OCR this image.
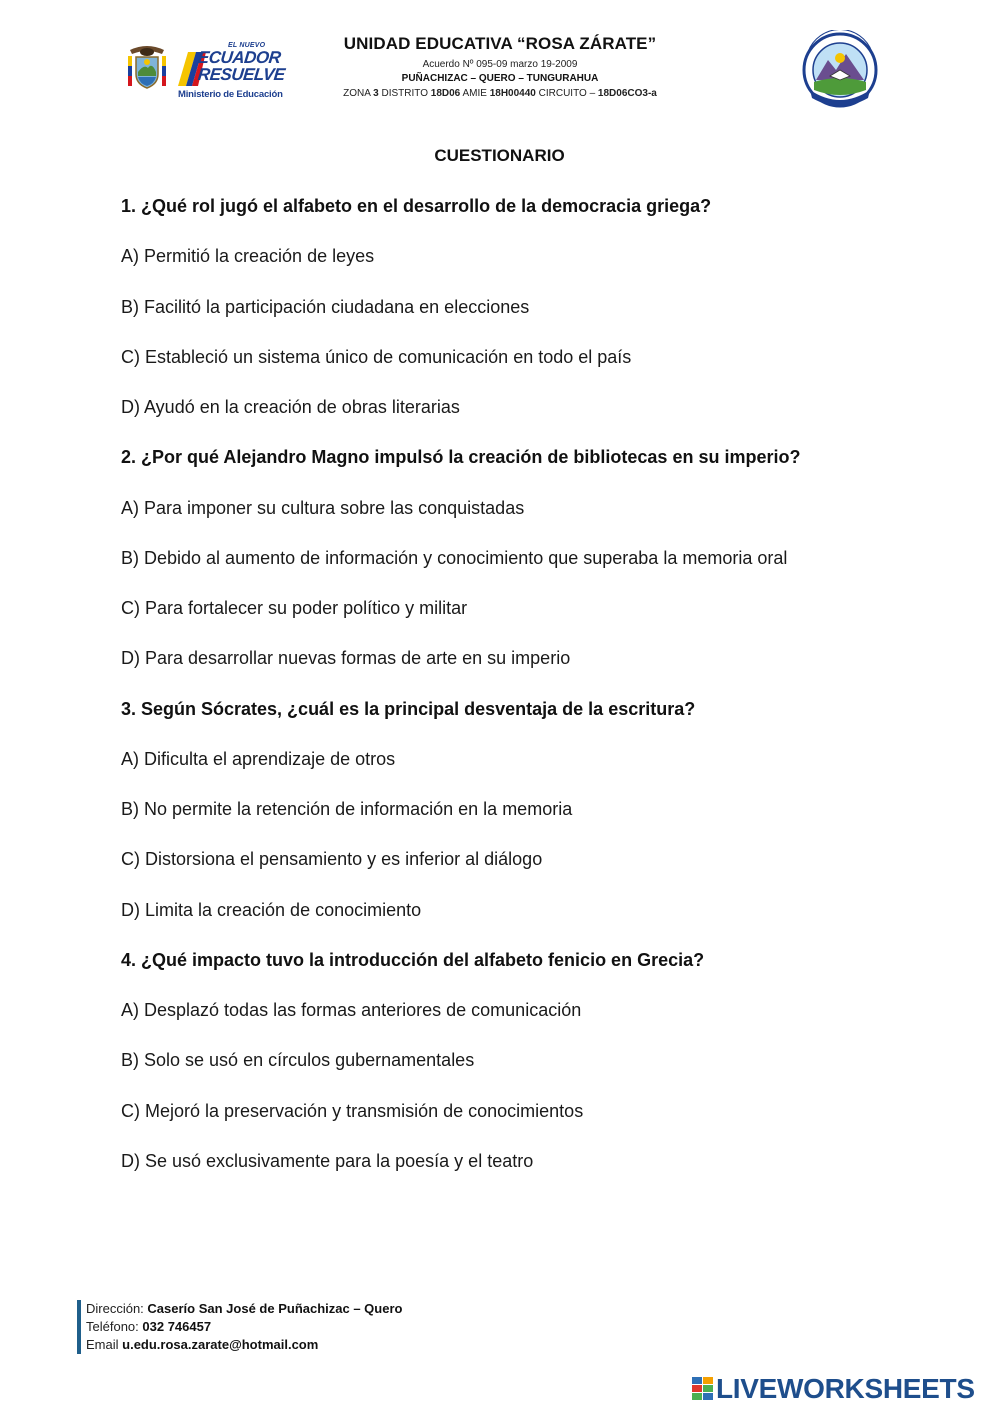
EL NUEVO
ECUADOR
RESUELVE
Ministerio de Educación
UNIDAD EDUCATIVA “ROSA ZÁRATE”
Acuerdo Nº 095-09 marzo 19-2009
PUÑACHIZAC – QUERO – TUNGURAHUA
ZONA 3 DISTRITO 18D06 AMIE 18H00440 CIRCUITO – 18D06CO3-a
CUESTIONARIO
1. ¿Qué rol jugó el alfabeto en el desarrollo de la democracia griega?
A) Permitió la creación de leyes
B) Facilitó la participación ciudadana en elecciones
C) Estableció un sistema único de comunicación en todo el país
D) Ayudó en la creación de obras literarias
2. ¿Por qué Alejandro Magno impulsó la creación de bibliotecas en su imperio?
A) Para imponer su cultura sobre las conquistadas
B) Debido al aumento de información y conocimiento que superaba la memoria oral
C) Para fortalecer su poder político y militar
D) Para desarrollar nuevas formas de arte en su imperio
3. Según Sócrates, ¿cuál es la principal desventaja de la escritura?
A) Dificulta el aprendizaje de otros
B) No permite la retención de información en la memoria
C) Distorsiona el pensamiento y es inferior al diálogo
D) Limita la creación de conocimiento
4. ¿Qué impacto tuvo la introducción del alfabeto fenicio en Grecia?
A) Desplazó todas las formas anteriores de comunicación
B) Solo se usó en círculos gubernamentales
C) Mejoró la preservación y transmisión de conocimientos
D) Se usó exclusivamente para la poesía y el teatro
Dirección: Caserío San José de Puñachizac – Quero
Teléfono: 032 746457
Email u.edu.rosa.zarate@hotmail.com
LIVEWORKSHEETS
